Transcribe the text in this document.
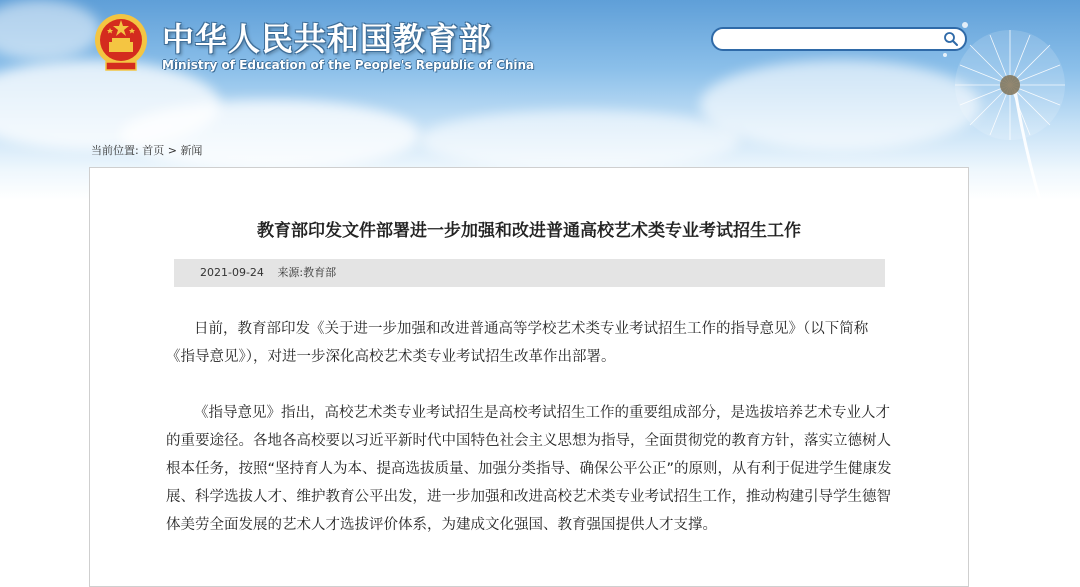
中华人民共和国教育部
Ministry of Education of the People's Republic of China
当前位置: 首页 > 新闻
教育部印发文件部署进一步加强和改进普通高校艺术类专业考试招生工作
2021-09-24 来源:教育部

日前，教育部印发《关于进一步加强和改进普通高等学校艺术类专业考试招生工作的指导意见》（以下简称《指导意见》），对进一步深化高校艺术类专业考试招生改革作出部署。

《指导意见》指出，高校艺术类专业考试招生是高校考试招生工作的重要组成部分，是选拔培养艺术专业人才的重要途径。各地各高校要以习近平新时代中国特色社会主义思想为指导，全面贯彻党的教育方针，落实立德树人根本任务，按照“坚持育人为本、提高选拔质量、加强分类指导、确保公平公正”的原则，从有利于促进学生健康发展、科学选拔人才、维护教育公平出发，进一步加强和改进高校艺术类专业考试招生工作，推动构建引导学生德智体美劳全面发展的艺术人才选拔评价体系，为建成文化强国、教育强国提供人才支撑。
